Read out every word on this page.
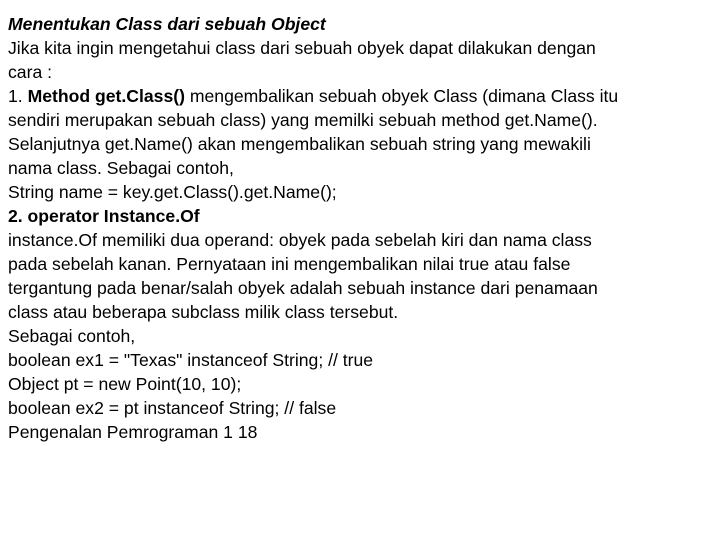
Menentukan Class dari sebuah Object
Jika kita ingin mengetahui class dari sebuah obyek dapat dilakukan dengan
cara :
1. Method get.Class() mengembalikan sebuah obyek Class (dimana Class itu
sendiri merupakan sebuah class) yang memilki sebuah method get.Name().
Selanjutnya get.Name() akan mengembalikan sebuah string yang mewakili
nama class. Sebagai contoh,
String name = key.get.Class().get.Name();
2. operator Instance.Of
instance.Of memiliki dua operand: obyek pada sebelah kiri dan nama class
pada sebelah kanan. Pernyataan ini mengembalikan nilai true atau false
tergantung pada benar/salah obyek adalah sebuah instance dari penamaan
class atau beberapa subclass milik class tersebut.
Sebagai contoh,
boolean ex1 = "Texas" instanceof String; // true
Object pt = new Point(10, 10);
boolean ex2 = pt instanceof String; // false
Pengenalan Pemrograman 1 18
